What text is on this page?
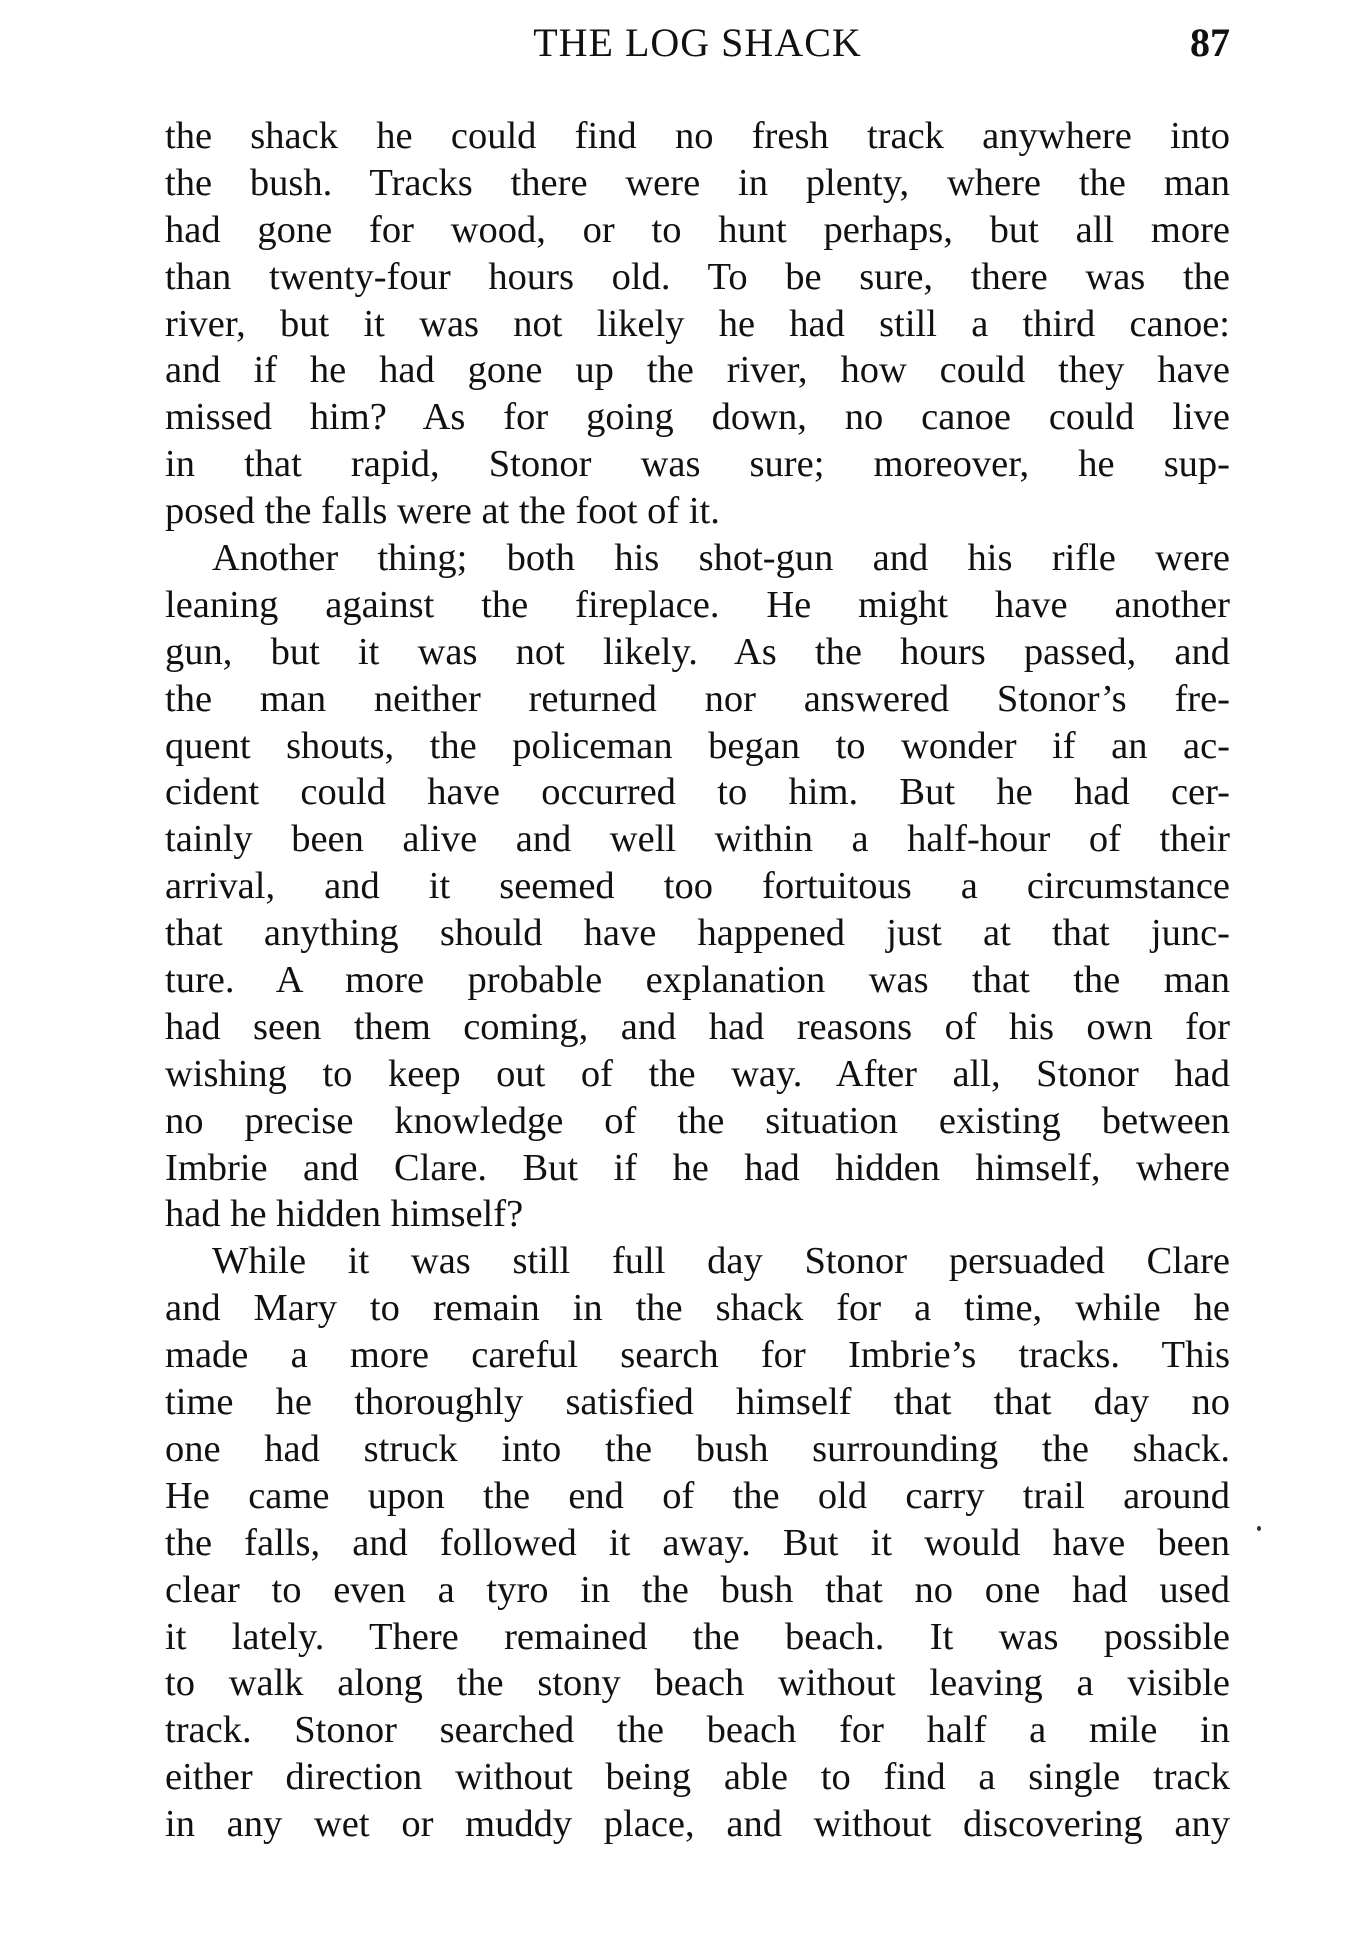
THE LOG SHACK	87
the shack he could find no fresh track anywhere into
the bush. Tracks there were in plenty, where the man
had gone for wood, or to hunt perhaps, but all more
than twenty-four hours old. To be sure, there was the
river, but it was not likely he had still a third canoe:
and if he had gone up the river, how could they have
missed him? As for going down, no canoe could live
in that rapid, Stonor was sure; moreover, he sup-
posed the falls were at the foot of it.
Another thing; both his shot-gun and his rifle were
leaning against the fireplace. He might have another
gun, but it was not likely. As the hours passed, and
the man neither returned nor answered Stonor’s fre-
quent shouts, the policeman began to wonder if an ac-
cident could have occurred to him. But he had cer-
tainly been alive and well within a half-hour of their
arrival, and it seemed too fortuitous a circumstance
that anything should have happened just at that junc-
ture. A more probable explanation was that the man
had seen them coming, and had reasons of his own for
wishing to keep out of the way. After all, Stonor had
no precise knowledge of the situation existing between
Imbrie and Clare. But if he had hidden himself, where
had he hidden himself?
While it was still full day Stonor persuaded Clare
and Mary to remain in the shack for a time, while he
made a more careful search for Imbrie’s tracks. This
time he thoroughly satisfied himself that that day no
one had struck into the bush surrounding the shack.
He came upon the end of the old carry trail around
the falls, and followed it away. But it would have been
clear to even a tyro in the bush that no one had used
it lately. There remained the beach. It was possible
to walk along the stony beach without leaving a visible
track. Stonor searched the beach for half a mile in
either direction without being able to find a single track
in any wet or muddy place, and without discovering any
